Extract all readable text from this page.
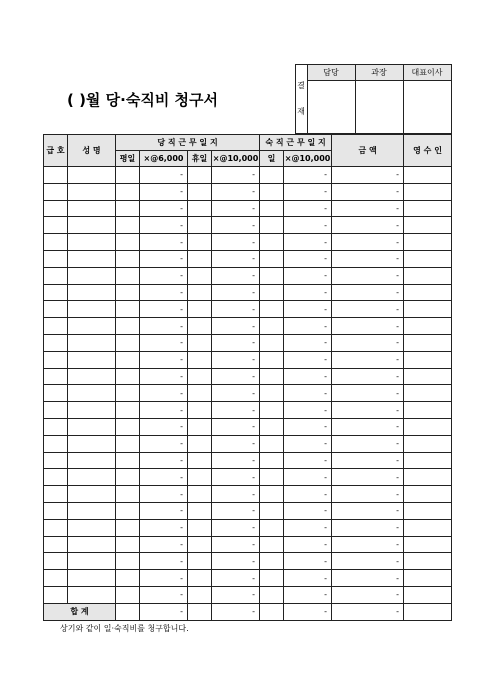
( )월 당·숙직비 청구서	결
재	담당	과장	대표이사

급 호	성 명	당 직 근 무 일 지				숙 직 근 무 일 지		금 액	영 수 인
		평일	×@6,000	휴일	×@10,000	일	×@10,000		
			-		-		-	-	
			-		-		-	-	
			-		-		-	-	
			-		-		-	-	
			-		-		-	-	
			-		-		-	-	
			-		-		-	-	
			-		-		-	-	
			-		-		-	-	
			-		-		-	-	
			-		-		-	-	
			-		-		-	-	
			-		-		-	-	
			-		-		-	-	
			-		-		-	-	
			-		-		-	-	
			-		-		-	-	
			-		-		-	-	
			-		-		-	-	
			-		-		-	-	
			-		-		-	-	
			-		-		-	-	
			-		-		-	-	
			-		-		-	-	
			-		-		-	-	
			-		-		-	-	
합 계			-		-		-	-	
상기와 같이 일·숙직비를 청구합니다.
